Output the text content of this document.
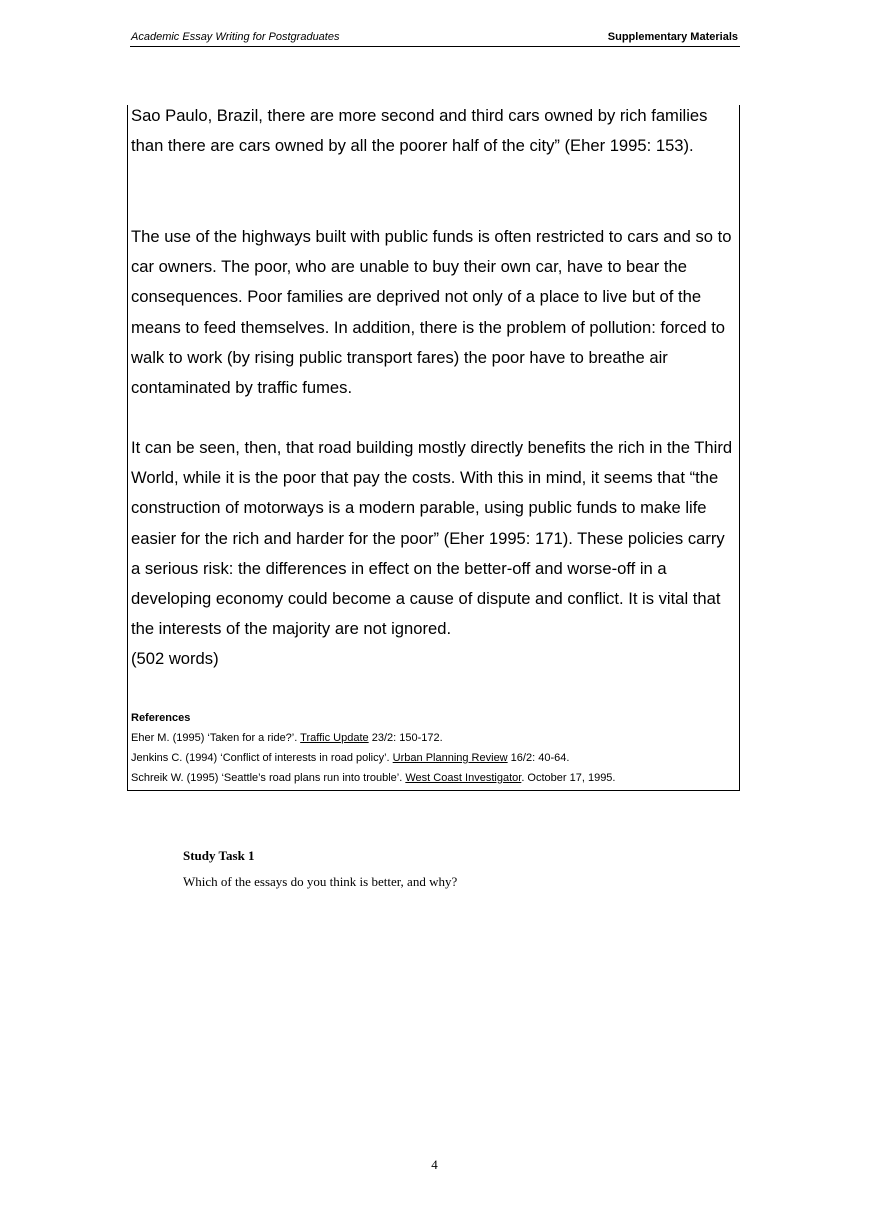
Academic Essay Writing for Postgraduates	Supplementary Materials

Sao Paulo, Brazil, there are more second and third cars owned by rich families than there are cars owned by all the poorer half of the city” (Eher 1995: 153).

The use of the highways built with public funds is often restricted to cars and so to car owners. The poor, who are unable to buy their own car, have to bear the consequences. Poor families are deprived not only of a place to live but of the means to feed themselves. In addition, there is the problem of pollution: forced to walk to work (by rising public transport fares) the poor have to breathe air contaminated by traffic fumes.

It can be seen, then, that road building mostly directly benefits the rich in the Third World, while it is the poor that pay the costs. With this in mind, it seems that “the construction of motorways is a modern parable, using public funds to make life easier for the rich and harder for the poor” (Eher 1995: 171). These policies carry a serious risk: the differences in effect on the better-off and worse-off in a developing economy could become a cause of dispute and conflict. It is vital that the interests of the majority are not ignored.
(502 words)
References
Eher M. (1995) ‘Taken for a ride?’. Traffic Update 23/2: 150-172.
Jenkins C. (1994) ‘Conflict of interests in road policy’. Urban Planning Review 16/2: 40-64.
Schreik W. (1995) ‘Seattle’s road plans run into trouble’. West Coast Investigator. October 17, 1995.
Study Task 1
Which of the essays do you think is better, and why?
4
